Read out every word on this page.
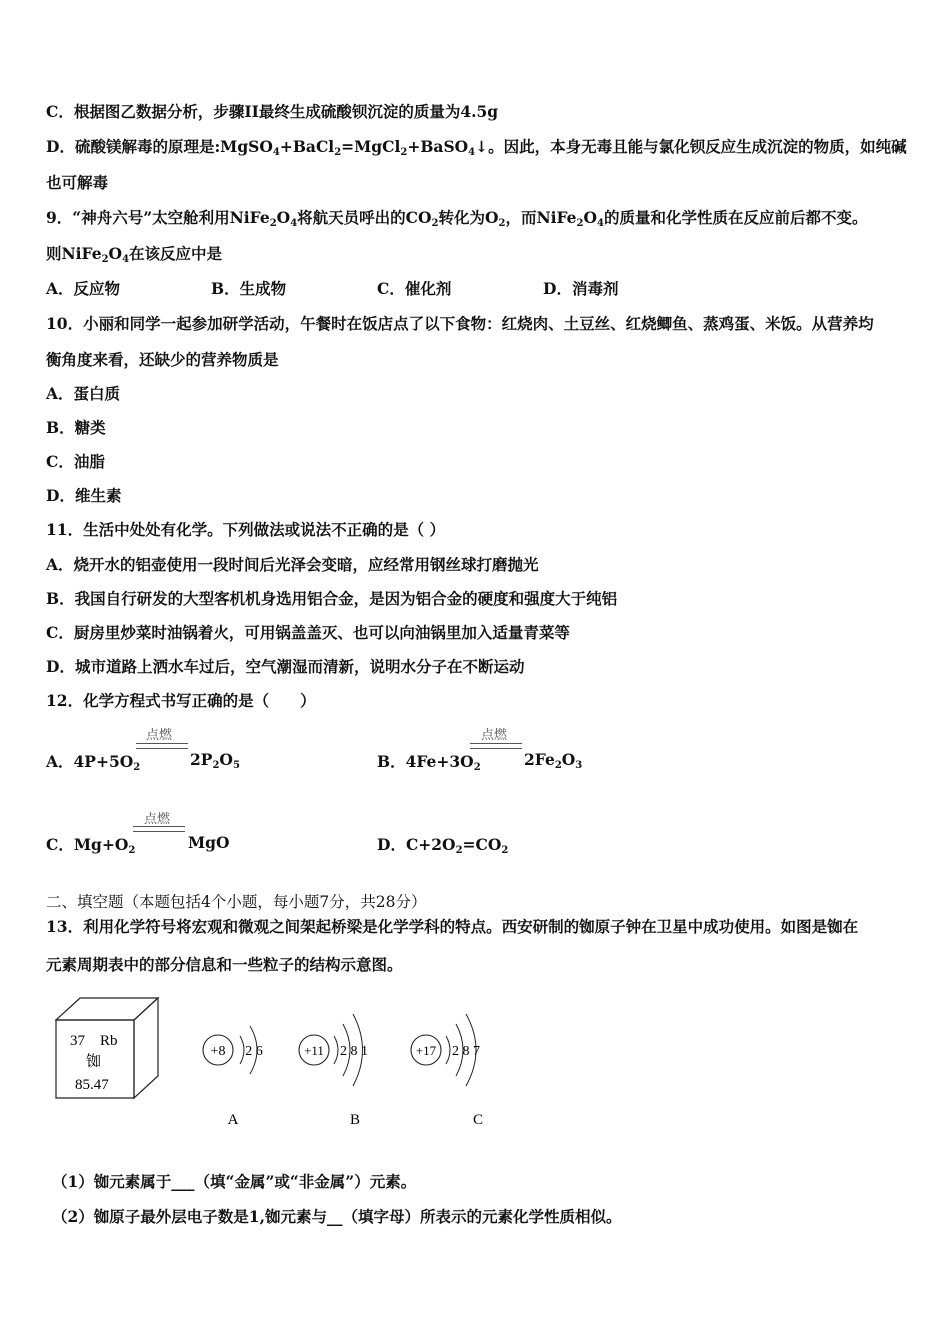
C．根据图乙数据分析，步骤II最终生成硫酸钡沉淀的质量为4.5g
D．硫酸镁解毒的原理是:MgSO$_4$+BaCl$_2$=MgCl$_2$+BaSO$_4$↓。因此，本身无毒且能与氯化钡反应生成沉淀的物质，如纯碱
也可解毒
9．“神舟六号”太空舱利用$NiFe_2O_4$将航天员呼出的$CO_2$转化为$O_2$，而$NiFe_2O_4$的质量和化学性质在反应前后都不变。
则$NiFe_2O_4$在该反应中是
A．反应物	B．生成物	C．催化剂	D．消毒剂
10．小丽和同学一起参加研学活动，午餐时在饭店点了以下食物：红烧肉、土豆丝、红烧鲫鱼、蒸鸡蛋、米饭。从营养均
衡角度来看，还缺少的营养物质是
A．蛋白质
B．糖类
C．油脂
D．维生素
11．生活中处处有化学。下列做法或说法不正确的是（ ）
A．烧开水的铝壶使用一段时间后光泽会变暗，应经常用钢丝球打磨抛光
B．我国自行研发的大型客机机身选用铝合金，是因为铝合金的硬度和强度大于纯铝
C．厨房里炒菜时油锅着火，可用锅盖盖灭、也可以向油锅里加入适量青菜等
D．城市道路上洒水车过后，空气潮湿而清新，说明水分子在不断运动
12．化学方程式书写正确的是（　　）
A．$4P+5O_2$
点燃
$2P_2O_5$	B．$4Fe+3O_2$
点燃
$2Fe_2O_3$
C．$Mg+O_2$
点燃
MgO	D．$C+2O_2=CO_2$
二、填空题（本题包括4个小题，每小题7分，共28分）
13．利用化学符号将宏观和微观之间架起桥梁是化学学科的特点。西安研制的铷原子钟在卫星中成功使用。如图是铷在
元素周期表中的部分信息和一些粒子的结构示意图。
37 Rb
铷
85.47
+8 2 6	+11 2 8 1	+17 2 8 7
A	B	C
（1）铷元素属于___（填“金属”或“非金属”）元素。
（2）铷原子最外层电子数是1,铷元素与__（填字母）所表示的元素化学性质相似。
